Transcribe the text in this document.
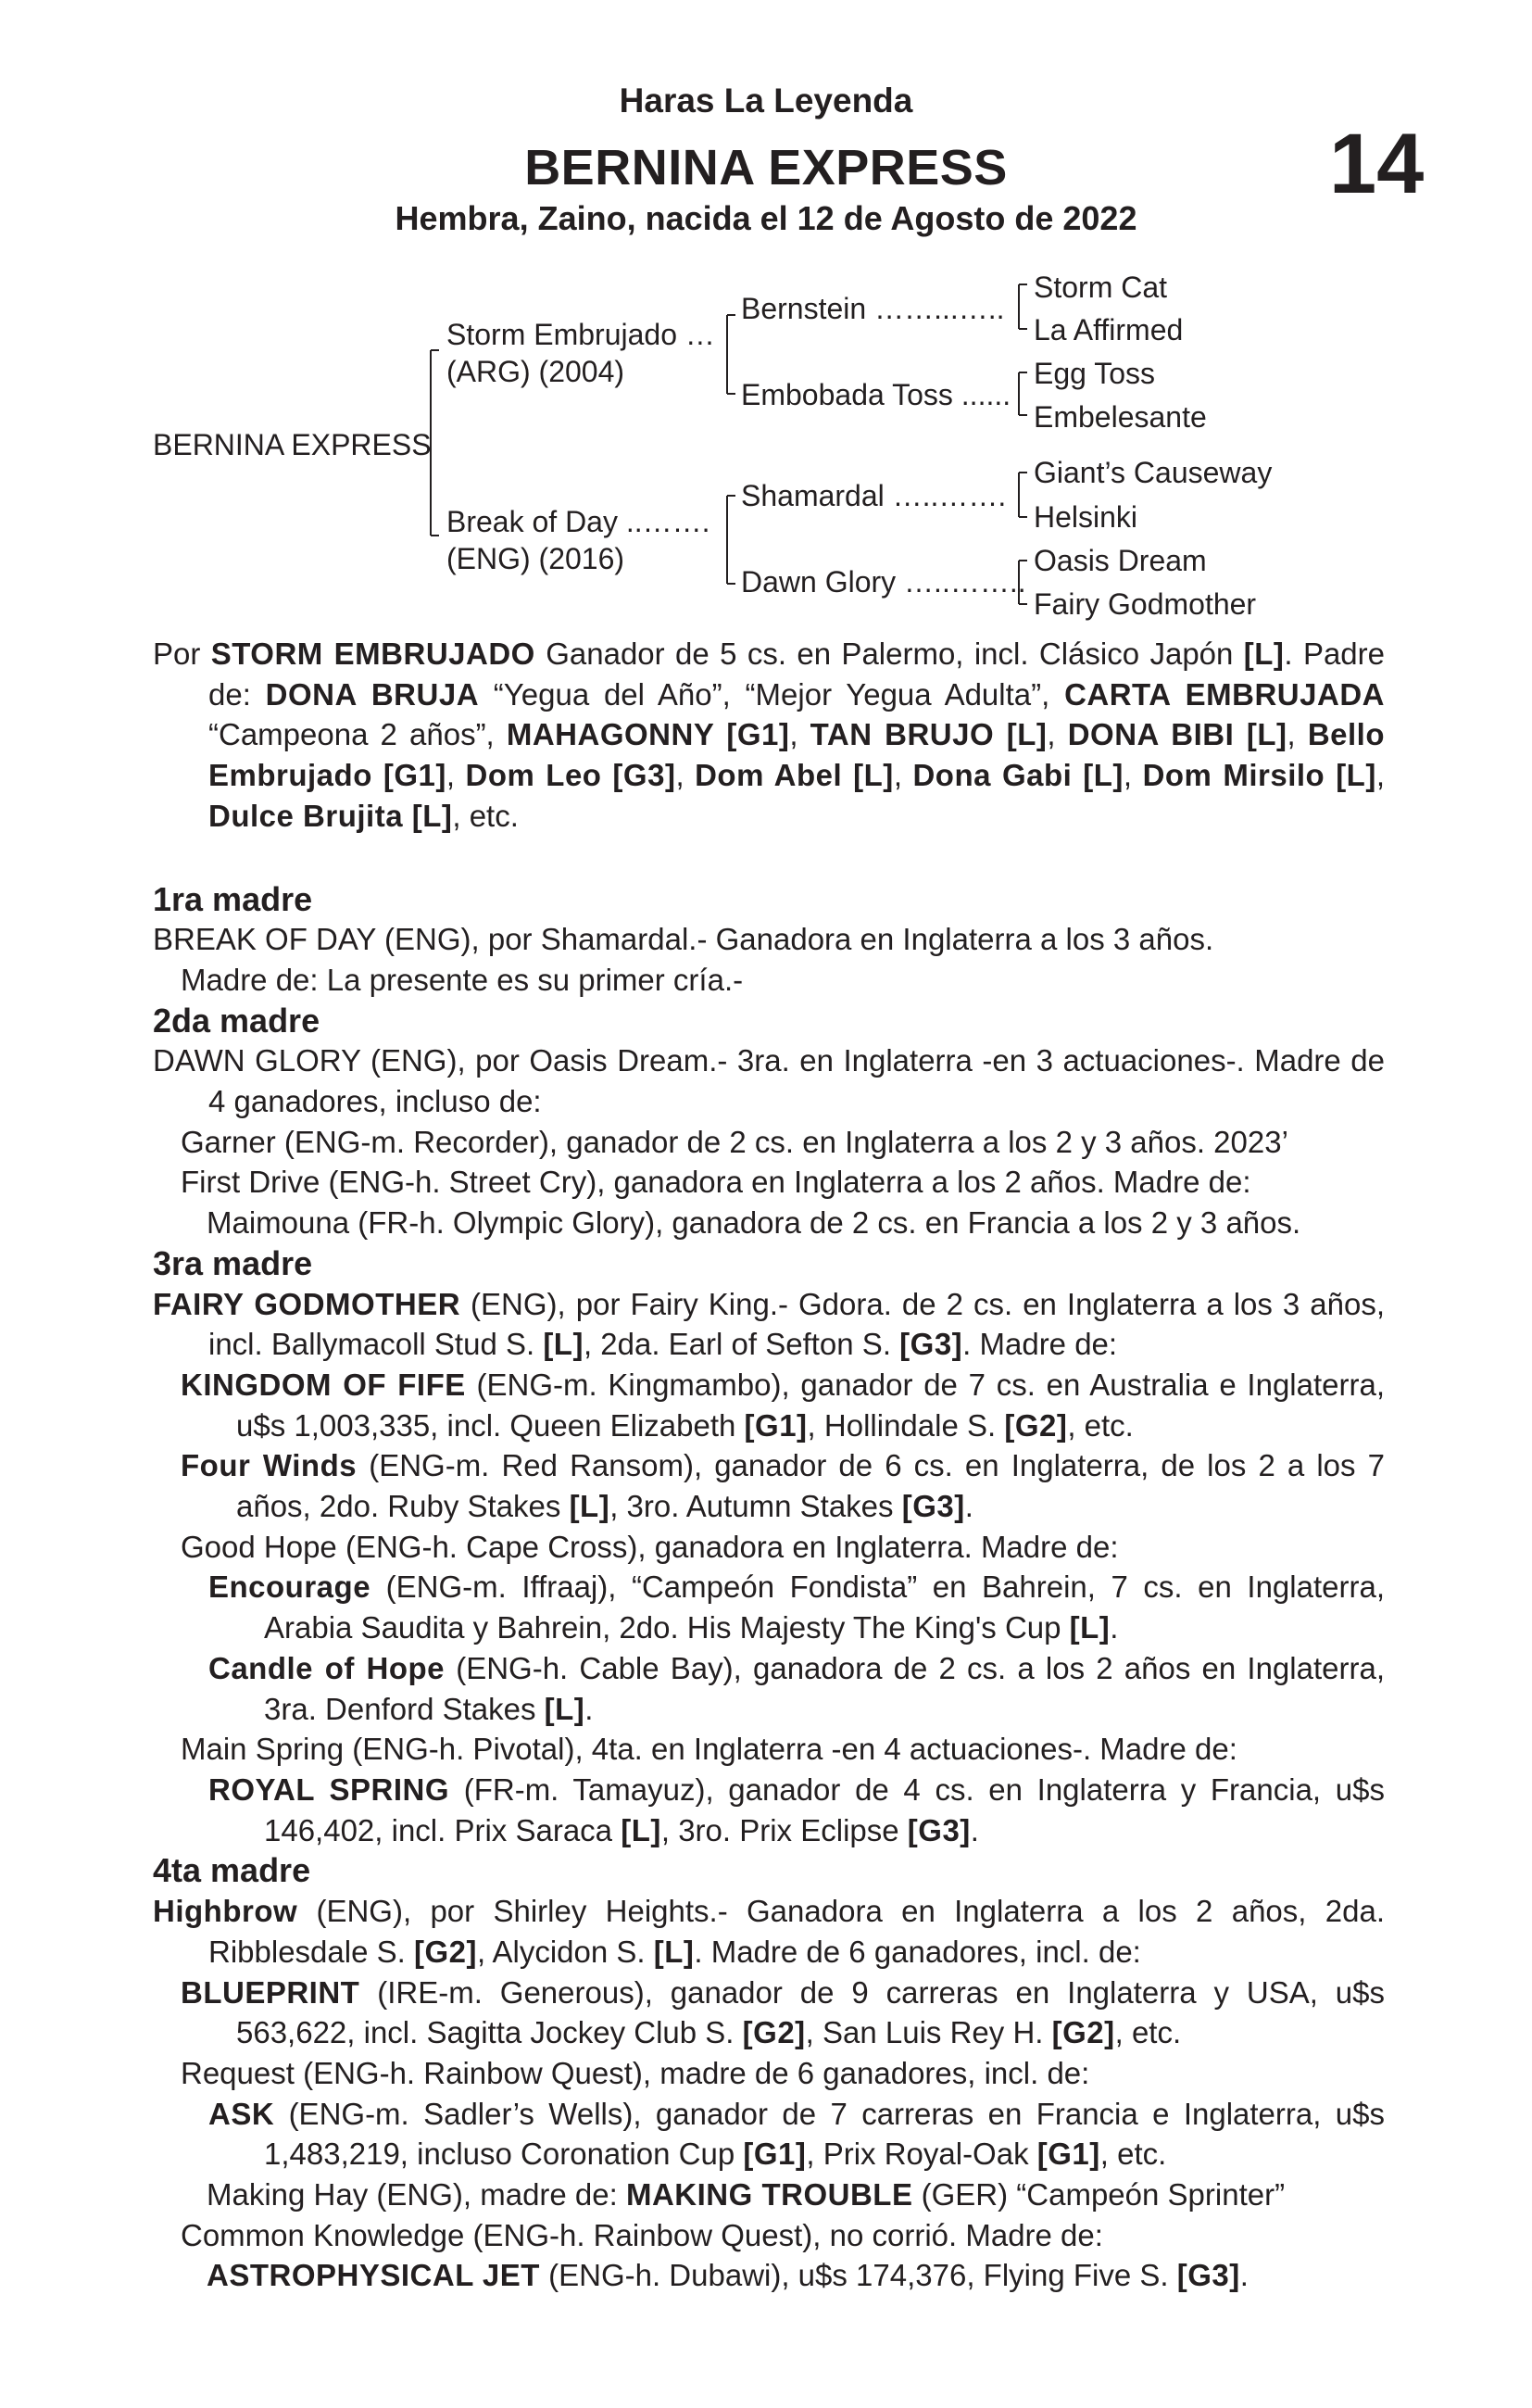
Haras La Leyenda
BERNINA EXPRESS	14
Hembra, Zaino, nacida el 12 de Agosto de 2022
BERNINA EXPRESS
Storm Embrujado …
(ARG) (2004)
Break of Day ..…….
(ENG) (2016)
Bernstein ……...…..
Embobada Toss ......
Shamardal …..…….
Dawn Glory …..……..
Storm Cat
La Affirmed
Egg Toss
Embelesante
Giant’s Causeway
Helsinki
Oasis Dream
Fairy Godmother

Por STORM EMBRUJADO Ganador de 5 cs. en Palermo, incl. Clásico Japón [L]. Padre de: DONA BRUJA “Yegua del Año”, “Mejor Yegua Adulta”, CARTA EMBRUJADA “Campeona 2 años”, MAHAGONNY [G1], TAN BRUJO [L], DONA BIBI [L], Bello Embrujado [G1], Dom Leo [G3], Dom Abel [L], Dona Gabi [L], Dom Mirsilo [L], Dulce Brujita [L], etc.

1ra madre

BREAK OF DAY (ENG), por Shamardal.- Ganadora en Inglaterra a los 3 años.

Madre de: La presente es su primer cría.-

2da madre

DAWN GLORY (ENG), por Oasis Dream.- 3ra. en Inglaterra -en 3 actuaciones-. Madre de 4 ganadores, incluso de:

Garner (ENG-m. Recorder), ganador de 2 cs. en Inglaterra a los 2 y 3 años. 2023’

First Drive (ENG-h. Street Cry), ganadora en Inglaterra a los 2 años. Madre de:

Maimouna (FR-h. Olympic Glory), ganadora de 2 cs. en Francia a los 2 y 3 años.

3ra madre

FAIRY GODMOTHER (ENG), por Fairy King.- Gdora. de 2 cs. en Inglaterra a los 3 años, incl. Ballymacoll Stud S. [L], 2da. Earl of Sefton S. [G3]. Madre de:

KINGDOM OF FIFE (ENG-m. Kingmambo), ganador de 7 cs. en Australia e Inglaterra, u$s 1,003,335, incl. Queen Elizabeth [G1], Hollindale S. [G2], etc.

Four Winds (ENG-m. Red Ransom), ganador de 6 cs. en Inglaterra, de los 2 a los 7 años, 2do. Ruby Stakes [L], 3ro. Autumn Stakes [G3].

Good Hope (ENG-h. Cape Cross), ganadora en Inglaterra. Madre de:

Encourage (ENG-m. Iffraaj), “Campeón Fondista” en Bahrein, 7 cs. en Inglaterra, Arabia Saudita y Bahrein, 2do. His Majesty The King's Cup [L].

Candle of Hope (ENG-h. Cable Bay), ganadora de 2 cs. a los 2 años en Inglaterra, 3ra. Denford Stakes [L].

Main Spring (ENG-h. Pivotal), 4ta. en Inglaterra -en 4 actuaciones-. Madre de:

ROYAL SPRING (FR-m. Tamayuz), ganador de 4 cs. en Inglaterra y Francia, u$s 146,402, incl. Prix Saraca [L], 3ro. Prix Eclipse [G3].

4ta madre

Highbrow (ENG), por Shirley Heights.- Ganadora en Inglaterra a los 2 años, 2da. Ribblesdale S. [G2], Alycidon S. [L]. Madre de 6 ganadores, incl. de:

BLUEPRINT (IRE-m. Generous), ganador de 9 carreras en Inglaterra y USA, u$s 563,622, incl. Sagitta Jockey Club S. [G2], San Luis Rey H. [G2], etc.

Request (ENG-h. Rainbow Quest), madre de 6 ganadores, incl. de:

ASK (ENG-m. Sadler’s Wells), ganador de 7 carreras en Francia e Inglaterra, u$s 1,483,219, incluso Coronation Cup [G1], Prix Royal-Oak [G1], etc.

Making Hay (ENG), madre de: MAKING TROUBLE (GER) “Campeón Sprinter”

Common Knowledge (ENG-h. Rainbow Quest), no corrió. Madre de:

ASTROPHYSICAL JET (ENG-h. Dubawi), u$s 174,376, Flying Five S. [G3].
